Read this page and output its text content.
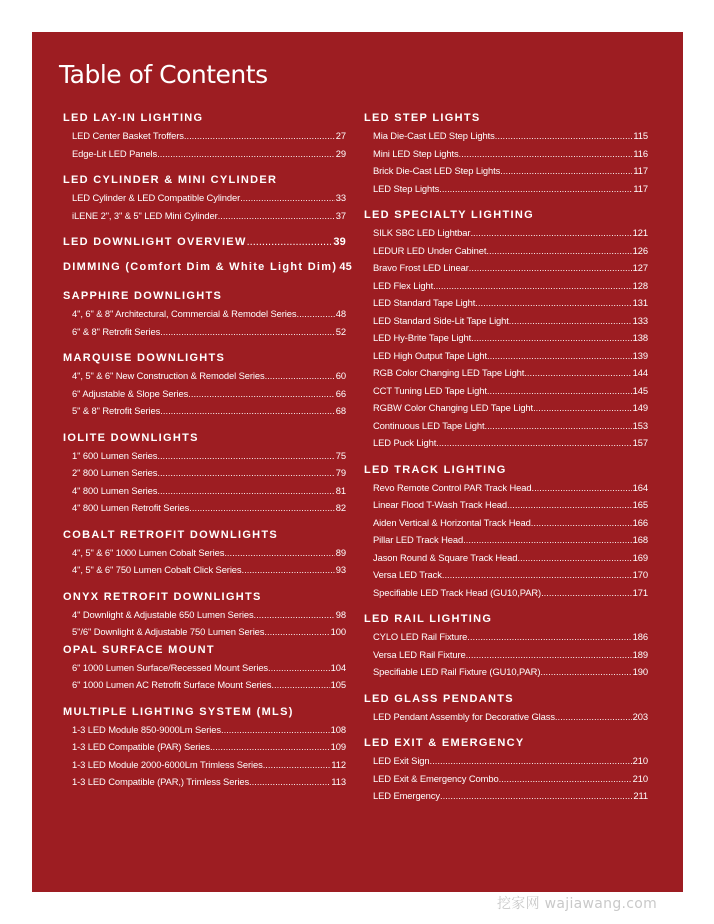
Table of Contents
LED LAY-IN LIGHTING
LED Center Basket Troffers .....	27
Edge-Lit LED Panels .....	29
LED CYLINDER & MINI CYLINDER
LED Cylinder & LED Compatible Cylinder .....	33
iLENE 2", 3" & 5" LED Mini Cylinder .....	37
LED DOWNLIGHT OVERVIEW .....	39
DIMMING (Comfort Dim & White Light Dim) 45
SAPPHIRE DOWNLIGHTS
4", 6" & 8" Architectural, Commercial & Remodel Series .....	48
6" & 8" Retrofit Series .....	52
MARQUISE DOWNLIGHTS
4", 5" & 6" New Construction & Remodel Series .....	60
6" Adjustable & Slope Series .....	66
5" & 8" Retrofit Series .....	68
IOLITE DOWNLIGHTS
1" 600 Lumen Series .....	75
2" 800 Lumen Series .....	79
4" 800 Lumen Series .....	81
4" 800 Lumen Retrofit Series .....	82
COBALT RETROFIT DOWNLIGHTS
4", 5" & 6" 1000 Lumen Cobalt Series .....	89
4", 5" & 6" 750 Lumen Cobalt Click Series .....	93
ONYX RETROFIT DOWNLIGHTS
4" Downlight & Adjustable 650 Lumen Series .....	98
5"/6" Downlight & Adjustable 750 Lumen Series .....	100
OPAL SURFACE MOUNT
6" 1000 Lumen Surface/Recessed Mount Series .....	104
6" 1000 Lumen AC Retrofit Surface Mount Series .....	105
MULTIPLE LIGHTING SYSTEM (MLS)
1-3 LED Module 850-9000Lm Series .....	108
1-3 LED Compatible (PAR) Series .....	109
1-3 LED Module 2000-6000Lm Trimless Series .....	112
1-3 LED Compatible (PAR,) Trimless Series .....	113
LED STEP LIGHTS
Mia Die-Cast LED Step Lights .....	115
Mini LED Step Lights .....	116
Brick Die-Cast LED Step Lights .....	117
LED Step Lights .....	117
LED SPECIALTY LIGHTING
SILK SBC LED Lightbar .....	121
LEDUR LED Under Cabinet .....	126
Bravo Frost LED Linear .....	127
LED Flex Light .....	128
LED Standard Tape Light .....	131
LED Standard Side-Lit Tape Light .....	133
LED Hy-Brite Tape Light .....	138
LED High Output Tape Light .....	139
RGB Color Changing LED Tape Light .....	144
CCT Tuning LED Tape Light .....	145
RGBW Color Changing LED Tape Light .....	149
Continuous LED Tape Light .....	153
LED Puck Light .....	157
LED TRACK LIGHTING
Revo Remote Control PAR Track Head .....	164
Linear Flood T-Wash Track Head .....	165
Aiden Vertical & Horizontal Track Head .....	166
Pillar LED Track Head .....	168
Jason Round & Square Track Head .....	169
Versa LED Track .....	170
Specifiable LED Track Head (GU10,PAR) .....	171
LED RAIL LIGHTING
CYLO LED Rail Fixture .....	186
Versa LED Rail Fixture .....	189
Specifiable LED Rail Fixture (GU10,PAR) .....	190
LED GLASS PENDANTS
LED Pendant Assembly for Decorative Glass .....	203
LED EXIT & EMERGENCY
LED Exit Sign .....	210
LED Exit & Emergency Combo .....	210
LED Emergency .....	211
挖家网 wajiawang.com
